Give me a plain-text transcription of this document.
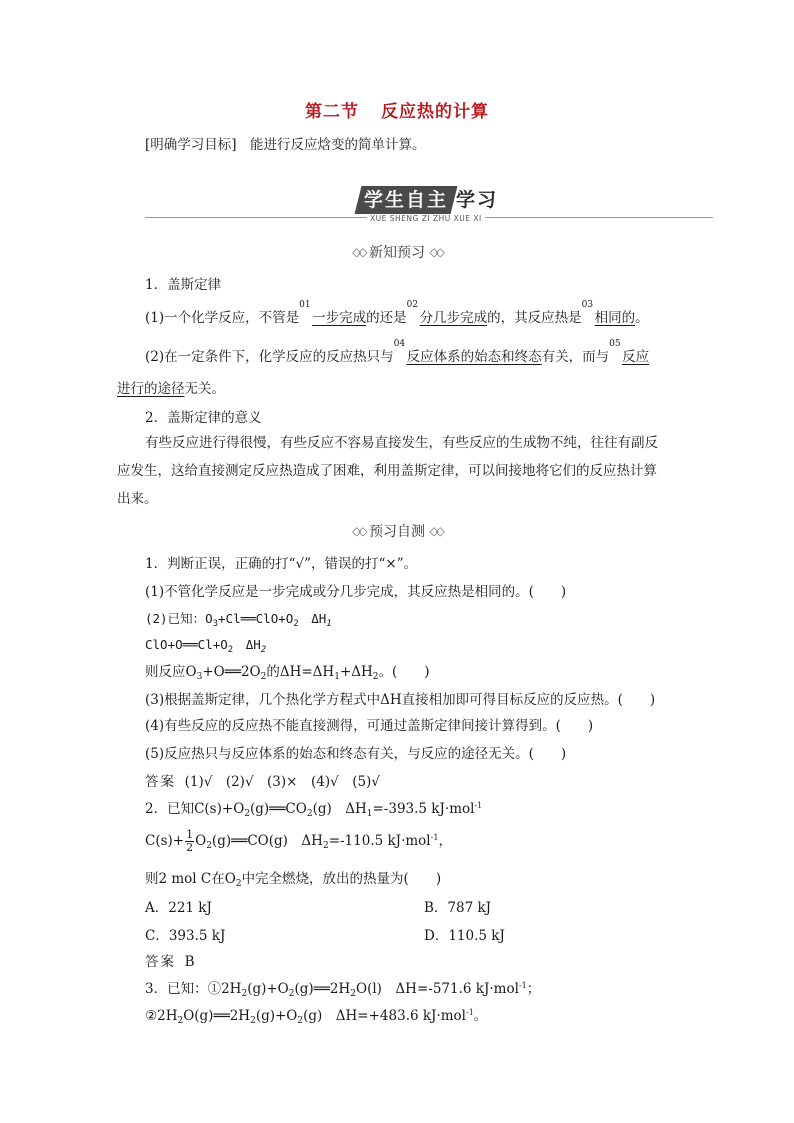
第二节 反应热的计算
[明确学习目标]　能进行反应焓变的简单计算。
学生自主 学习
XUE SHENG ZI ZHU XUE XI
◇◇ 新知预习 ◇◇
1．盖斯定律
(1)一个化学反应，不管是
01
一步完成的还是
02
分几步完成的，其反应热是
03
相同的。
(2)在一定条件下，化学反应的反应热只与
04
反应体系的始态和终态有关，而与
05
反应
进行的途径无关。
2．盖斯定律的意义
有些反应进行得很慢，有些反应不容易直接发生，有些反应的生成物不纯，往往有副反
应发生，这给直接测定反应热造成了困难，利用盖斯定律，可以间接地将它们的反应热计算
出来。
◇◇ 预习自测 ◇◇
1．判断正误，正确的打“√”，错误的打“×”。
(1)不管化学反应是一步完成或分几步完成，其反应热是相同的。(　　)
(2)已知：$O_3+Cl══ClO+O_2$　$\Delta H_1$
$ClO+O══Cl+O_2$　$\Delta H_2$
则反应$O_3+O══2O_2$的$\Delta H=\Delta H_1+\Delta H_2$。(　　)
(3)根据盖斯定律，几个热化学方程式中ΔH直接相加即可得目标反应的反应热。(　　)
(4)有些反应的反应热不能直接测得，可通过盖斯定律间接计算得到。(　　)
(5)反应热只与反应体系的始态和终态有关，与反应的途径无关。(　　)
答案 (1)√　(2)√　(3)×　(4)√　(5)√
2．已知$C(s)+O_2(g)══CO_2(g)$　$\Delta H_1=-393.5$ kJ·mol$^{-1}$
$C(s)+ \frac{1}{2}$ $O_2(g)══CO(g)$　$\Delta H_2=-110.5$ kJ·mol$^{-1}$，
则2 mol C在$O_2$中完全燃烧，放出的热量为(　　)
A．221 kJ	B．787 kJ
C．393.5 kJ	D．110.5 kJ
答案 B
3．已知：$①2H_2(g)+O_2(g)══2H_2O(l)$　ΔH=-571.6 kJ·mol$^{-1}$；
$②2H_2O(g)══2H_2(g)+O_2(g)$　ΔH=+483.6 kJ·mol$^{-1}$。
